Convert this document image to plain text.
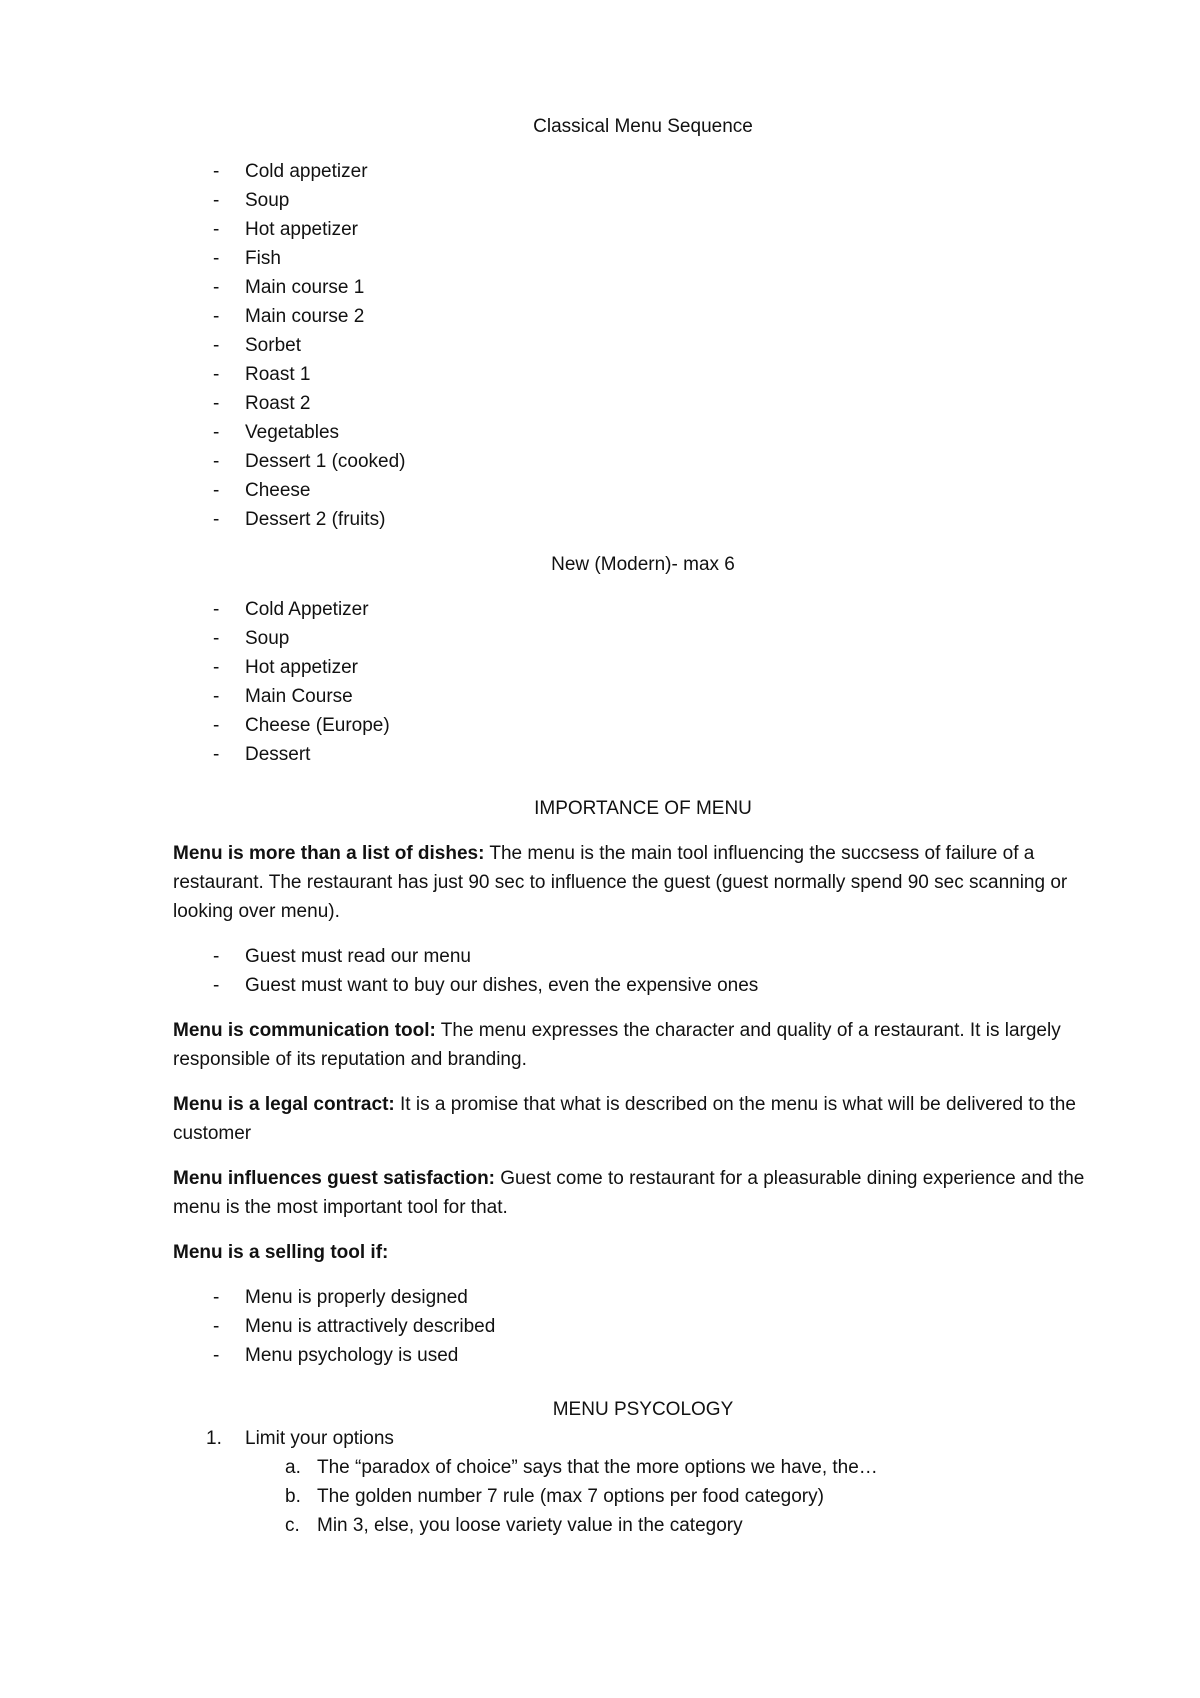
Classical Menu Sequence

- Cold appetizer
- Soup
- Hot appetizer
- Fish
- Main course 1
- Main course 2
- Sorbet
- Roast 1
- Roast 2
- Vegetables
- Dessert 1 (cooked)
- Cheese
- Dessert 2 (fruits)

New (Modern)- max 6

- Cold Appetizer
- Soup
- Hot appetizer
- Main Course
- Cheese (Europe)
- Dessert

IMPORTANCE OF MENU

Menu is more than a list of dishes: The menu is the main tool influencing the succsess of failure of a restaurant. The restaurant has just 90 sec to influence the guest (guest normally spend 90 sec scanning or looking over menu).

- Guest must read our menu
- Guest must want to buy our dishes, even the expensive ones

Menu is communication tool: The menu expresses the character and quality of a restaurant. It is largely responsible of its reputation and branding.

Menu is a legal contract: It is a promise that what is described on the menu is what will be delivered to the customer

Menu influences guest satisfaction: Guest come to restaurant for a pleasurable dining experience and the menu is the most important tool for that.

Menu is a selling tool if:

- Menu is properly designed
- Menu is attractively described
- Menu psychology is used

MENU PSYCOLOGY

1. Limit your options
a. The “paradox of choice” says that the more options we have, the…
b. The golden number 7 rule (max 7 options per food category)
c. Min 3, else, you loose variety value in the category
